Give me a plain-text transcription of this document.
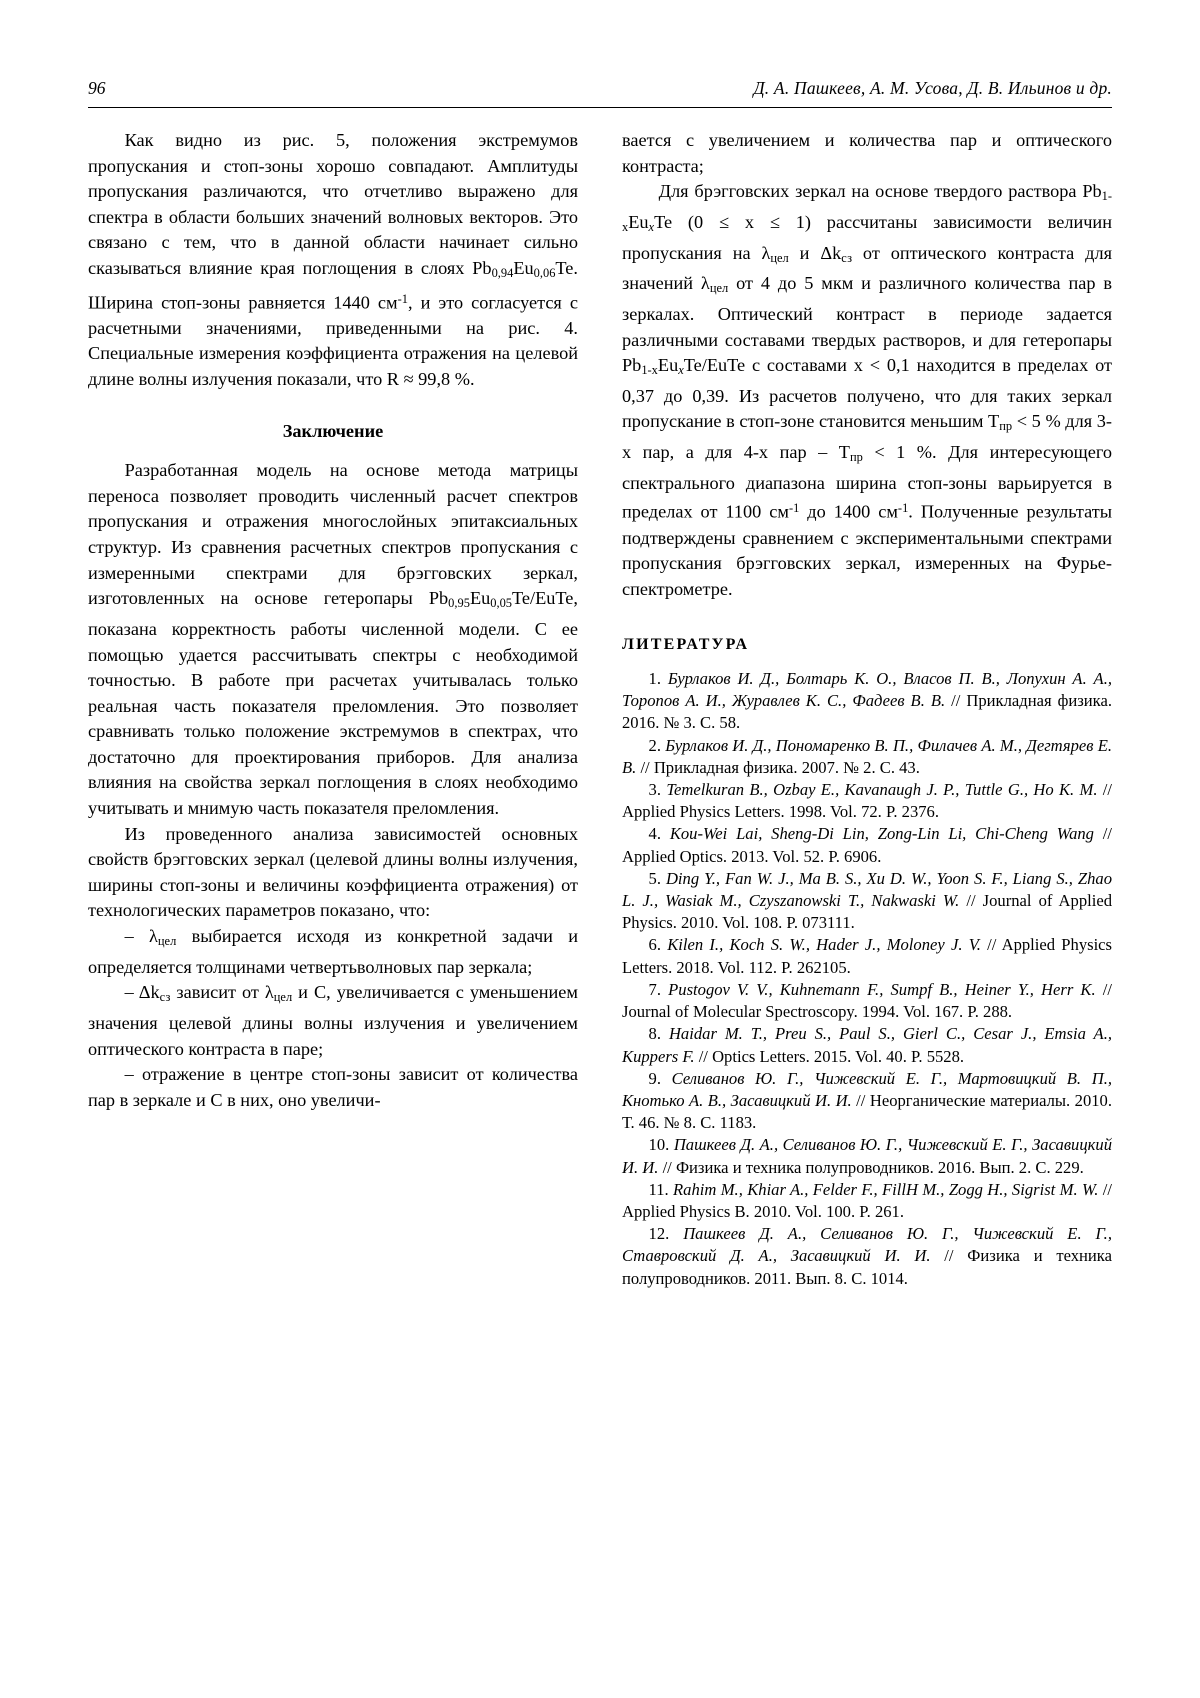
96	Д. А. Пашкеев, А. М. Усова, Д. В. Ильинов и др.

Как видно из рис. 5, положения экстремумов пропускания и стоп-зоны хорошо совпадают. Амплитуды пропускания различаются, что отчетливо выражено для спектра в области больших значений волновых векторов. Это связано с тем, что в данной области начинает сильно сказываться влияние края поглощения в слоях $Pb_{0,94}Eu_{0,06}Te$. Ширина стоп-зоны равняется 1440 $см^{-1}$, и это согласуется с расчетными значениями, приведенными на рис. 4. Специальные измерения коэффициента отражения на целевой длине волны излучения показали, что R ≈ 99,8 %.

Заключение

Разработанная модель на основе метода матрицы переноса позволяет проводить численный расчет спектров пропускания и отражения многослойных эпитаксиальных структур. Из сравнения расчетных спектров пропускания с измеренными спектрами для брэгговских зеркал, изготовленных на основе гетеропары $Pb_{0,95}Eu_{0,05}Te$/EuTe, показана корректность работы численной модели. С ее помощью удается рассчитывать спектры с необходимой точностью. В работе при расчетах учитывалась только реальная часть показателя преломления. Это позволяет сравнивать только положение экстремумов в спектрах, что достаточно для проектирования приборов. Для анализа влияния на свойства зеркал поглощения в слоях необходимо учитывать и мнимую часть показателя преломления.

Из проведенного анализа зависимостей основных свойств брэгговских зеркал (целевой длины волны излучения, ширины стоп-зоны и величины коэффициента отражения) от технологических параметров показано, что:

– $\lambda_{цел}$ выбирается исходя из конкретной задачи и определяется толщинами четвертьволновых пар зеркала;

– $\Delta k_{сз}$ зависит от $\lambda_{цел}$ и C, увеличивается с уменьшением значения целевой длины волны излучения и увеличением оптического контраста в паре;

– отражение в центре стоп-зоны зависит от количества пар в зеркале и C в них, оно увеличи-

вается с увеличением и количества пар и оптического контраста;

Для брэгговских зеркал на основе твердого раствора $Pb_{1-x}Eu_xTe$ (0 ≤ x ≤ 1) рассчитаны зависимости величин пропускания на $\lambda_{цел}$ и $\Delta k_{сз}$ от оптического контраста для значений $\lambda_{цел}$ от 4 до 5 мкм и различного количества пар в зеркалах. Оптический контраст в периоде задается различными составами твердых растворов, и для гетеропары $Pb_{1-x}Eu_xTe$/EuTe с составами x < 0,1 находится в пределах от 0,37 до 0,39. Из расчетов получено, что для таких зеркал пропускание в стоп-зоне становится меньшим $T_{пр} < 5$ % для 3-х пар, а для 4-х пар – $T_{пр} < 1$ %. Для интересующего спектрального диапазона ширина стоп-зоны варьируется в пределах от 1100 $см^{-1}$ до 1400 $см^{-1}$. Полученные результаты подтверждены сравнением с экспериментальными спектрами пропускания брэгговских зеркал, измеренных на Фурье-спектрометре.

ЛИТЕРАТУРА

1. Бурлаков И. Д., Болтарь К. О., Власов П. В., Лопухин А. А., Торопов А. И., Журавлев К. С., Фадеев В. В. // Прикладная физика. 2016. № 3. С. 58.

2. Бурлаков И. Д., Пономаренко В. П., Филачев А. М., Дегтярев Е. В. // Прикладная физика. 2007. № 2. С. 43.

3. Temelkuran B., Ozbay E., Kavanaugh J. P., Tuttle G., Ho K. M. // Applied Physics Letters. 1998. Vol. 72. P. 2376.

4. Kou-Wei Lai, Sheng-Di Lin, Zong-Lin Li, Chi-Cheng Wang // Applied Optics. 2013. Vol. 52. P. 6906.

5. Ding Y., Fan W. J., Ma B. S., Xu D. W., Yoon S. F., Liang S., Zhao L. J., Wasiak M., Czyszanowski T., Nakwaski W. // Journal of Applied Physics. 2010. Vol. 108. P. 073111.

6. Kilen I., Koch S. W., Hader J., Moloney J. V. // Applied Physics Letters. 2018. Vol. 112. P. 262105.

7. Pustogov V. V., Kuhnemann F., Sumpf B., Heiner Y., Herr K. // Journal of Molecular Spectroscopy. 1994. Vol. 167. P. 288.

8. Haidar M. T., Preu S., Paul S., Gierl C., Cesar J., Emsia A., Kuppers F. // Optics Letters. 2015. Vol. 40. P. 5528.

9. Селиванов Ю. Г., Чижевский Е. Г., Мартовицкий В. П., Кнотько А. В., Засавицкий И. И. // Неорганические материалы. 2010. Т. 46. № 8. С. 1183.

10. Пашкеев Д. А., Селиванов Ю. Г., Чижевский Е. Г., Засавицкий И. И. // Физика и техника полупроводников. 2016. Вып. 2. С. 229.

11. Rahim M., Khiar A., Felder F., FillH M., Zogg H., Sigrist M. W. // Applied Physics B. 2010. Vol. 100. P. 261.

12. Пашкеев Д. А., Селиванов Ю. Г., Чижевский Е. Г., Ставровский Д. А., Засавицкий И. И. // Физика и техника полупроводников. 2011. Вып. 8. С. 1014.
